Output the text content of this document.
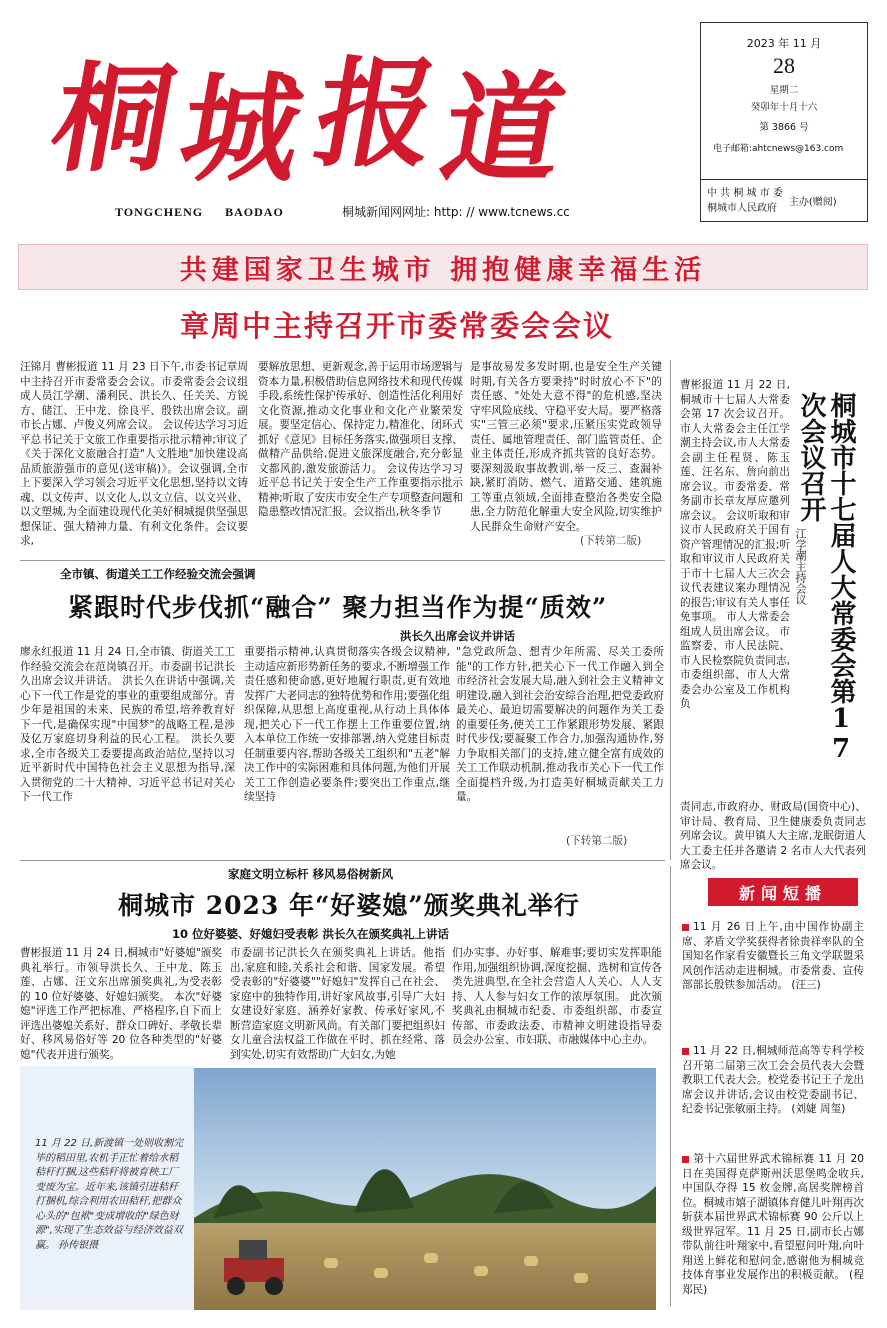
桐
城
报
道
TONGCHENG BAODAO	桐城新闻网网址: http: // www.tcnews.cc
2023 年 11 月
28
星期二
癸卯年十月十六
第 3866 号
电子邮箱:ahtcnews@163.com
中 共 桐 城 市 委
桐城市人民政府	主办(赠阅)
共建国家卫生城市 拥抱健康幸福生活
章周中主持召开市委常委会会议
汪锦月 曹彬报道 11 月 23 日下午,市委书记章周中主持召开市委常委会会议。市委常委会会议组成人员江学潮、潘利民、洪长久、任关关、方锐方、储江、王中龙、徐良平、殷铁出席会议。副市长占娜、卢俊义列席会议。 会议传达学习习近平总书记关于文旅工作重要指示批示精神;审议了《关于深化文旅融合打造"人文胜地"加快建设高品质旅游强市的意见(送审稿)》。会议强调,全市上下要深入学习领会习近平文化思想,坚持以文铸魂、以文传声、以文化人,以文立信、以文兴业、以文塑城,为全面建设现代化美好桐城提供坚强思想保证、强大精神力量、有利文化条件。会议要求,
要解放思想、更新观念,善于运用市场逻辑与资本力量,积极借助信息网络技术和现代传媒手段,系统性保护传承好、创造性活化利用好文化资源,推动文化事业和文化产业繁荣发展。要坚定信心、保持定力,精准化、闭环式抓好《意见》目标任务落实,做强项目支撑、做精产品供给,促进文旅深度融合,充分彰显文都风韵,激发旅游活力。 会议传达学习习近平总书记关于安全生产工作重要指示批示精神;听取了安庆市安全生产专项整查问题和隐患整改情况汇报。会议指出,秋冬季节
是事故易发多发时期,也是安全生产关键时期,有关各方要秉持"时时放心不下"的责任感、"处处大意不得"的危机感,坚决守牢风险底线、守稳平安大局。要严格落实"三管三必须"要求,压紧压实党政领导责任、属地管理责任、部门监管责任、企业主体责任,形成齐抓共管的良好态势。要深刻汲取事故教训,举一反三、查漏补缺,紧盯消防、燃气、道路交通、建筑施工等重点领域,全面排查整治各类安全隐患,全力防范化解重大安全风险,切实维护人民群众生命财产安全。
(下转第二版)
全市镇、街道关工工作经验交流会强调
紧跟时代步伐抓“融合” 聚力担当作为提“质效”
洪长久出席会议并讲话
廖永红报道 11 月 24 日,全市镇、街道关工工作经验交流会在范岗镇召开。市委副书记洪长久出席会议并讲话。 洪长久在讲话中强调,关心下一代工作是党的事业的重要组成部分。青少年是祖国的未来、民族的希望,培养教育好下一代,是确保实现"中国梦"的战略工程,是涉及亿万家庭切身利益的民心工程。 洪长久要求,全市各级关工委要提高政治站位,坚持以习近平新时代中国特色社会主义思想为指导,深入贯彻党的二十大精神、习近平总书记对关心下一代工作
重要指示精神,认真贯彻落实各级会议精神,主动适应新形势新任务的要求,不断增强工作责任感和使命感,更好地履行职责,更有效地发挥广大老同志的独特优势和作用;要强化组织保障,从思想上高度重视,从行动上具体体现,把关心下一代工作摆上工作重要位置,纳入本单位工作统一安排部署,纳入党建目标责任制重要内容,帮助各级关工组织和"五老"解决工作中的实际困难和具体问题,为他们开展关工工作创造必要条件;要突出工作重点,继续坚持
"急党政所急、想青少年所需、尽关工委所能"的工作方针,把关心下一代工作融入到全市经济社会发展大局,融入到社会主义精神文明建设,融入到社会治安综合治理,把党委政府最关心、最迫切需要解决的问题作为关工委的重要任务,使关工工作紧跟形势发展、紧跟时代步伐;要凝聚工作合力,加强沟通协作,努力争取相关部门的支持,建立健全富有成效的关工工作联动机制,推动我市关心下一代工作全面提档升级,为打造美好桐城贡献关工力量。
(下转第二版)
曹彬报道 11 月 22 日,桐城市十七届人大常委会第 17 次会议召开。市人大常委会主任江学潮主持会议,市人大常委会副主任程贤、陈玉莲、汪名东、詹向前出席会议。市委常委、常务副市长章友厚应邀列席会议。 会议听取和审议市人民政府关于国有资产管理情况的汇报;听取和审议市人民政府关于市十七届人大三次会议代表建议案办理情况的报告;审议有关人事任免事项。 市人大常委会组成人员出席会议。 市监察委、市人民法院、市人民检察院负责同志,市委组织部、市人大常委会办公室及工作机构负	桐城市十七届人大常委会第17次会议召开
江学潮主持会议
责同志,市政府办、财政局(国资中心)、审计局、教育局、卫生健康委负责同志列席会议。黄甲镇人大主席,龙眠街道人大工委主任并各邀请 2 名市人大代表列席会议。
家庭文明立标杆 移风易俗树新风
桐城市 2023 年“好婆媳”颁奖典礼举行
10 位好婆婆、好媳妇受表彰 洪长久在颁奖典礼上讲话
曹彬报道 11 月 24 日,桐城市"好婆媳"颁奖典礼举行。市领导洪长久、王中龙、陈玉莲、占娜、汪文东出席颁奖典礼,为受表彰的 10 位好婆婆、好媳妇颁奖。 本次"好婆媳"评选工作严把标准、严格程序,自下而上评选出婆媳关系好、群众口碑好、孝敬长辈好、移风易俗好等 20 位各种类型的"好婆媳"代表并进行颁奖。
市委副书记洪长久在颁奖典礼上讲话。他指出,家庭和睦,关系社会和谐、国家发展。希望受表彰的"好婆婆""好媳妇"发挥自己在社会、家庭中的独特作用,讲好家风故事,引导广大妇女建设好家庭、涵养好家教、传承好家风,不断营造家庭文明新风尚。有关部门要把组织妇女儿童合法权益工作做在平时、抓在经常、落到实处,切实有效帮助广大妇女,为她
们办实事、办好事、解难事;要切实发挥职能作用,加强组织协调,深度挖掘、选树和宣传各类先进典型,在全社会营造人人关心、人人支持、人人参与妇女工作的浓厚氛围。 此次颁奖典礼由桐城市纪委、市委组织部、市委宣传部、市委政法委、市精神文明建设指导委员会办公室、市妇联、市融媒体中心主办。
新闻短播
11 月 26 日上午,由中国作协副主席、茅盾文学奖获得者徐贵祥率队的全国知名作家看安徽暨长三角文学联盟采风创作活动走进桐城。市委常委、宣传部部长殷铁参加活动。 (汪三)
11 月 22 日,桐城师范高等专科学校召开第二届第三次工会会员代表大会暨教职工代表大会。校党委书记王子龙出席会议并讲话,会议由校党委副书记、纪委书记张敏丽主持。 (刘婕 周玺)
第十六届世界武术锦标赛 11 月 20 日在美国得克萨斯州沃思堡鸣金收兵,中国队夺得 15 枚金牌,高居奖牌榜首位。桐城市嬉子湖镇体育健儿叶翔再次斩获本届世界武术锦标赛 90 公斤以上级世界冠军。11 月 25 日,副市长占娜带队前往叶翔家中,看望慰问叶翔,向叶翔送上鲜花和慰问金,感谢他为桐城竞技体育事业发展作出的积极贡献。 (程郑民)
11 月 22 日,新渡镇一处则收割完毕的稻田里,农机手正忙着给水稻秸秆打捆,这些秸秆将被育秧工厂变废为宝。近年来,该镇引进秸秆打捆机,综合利用农田秸秆,把群众心头的"包袱"变成增收的"绿色财源",实现了生态效益与经济效益双赢。 孙传银摄
